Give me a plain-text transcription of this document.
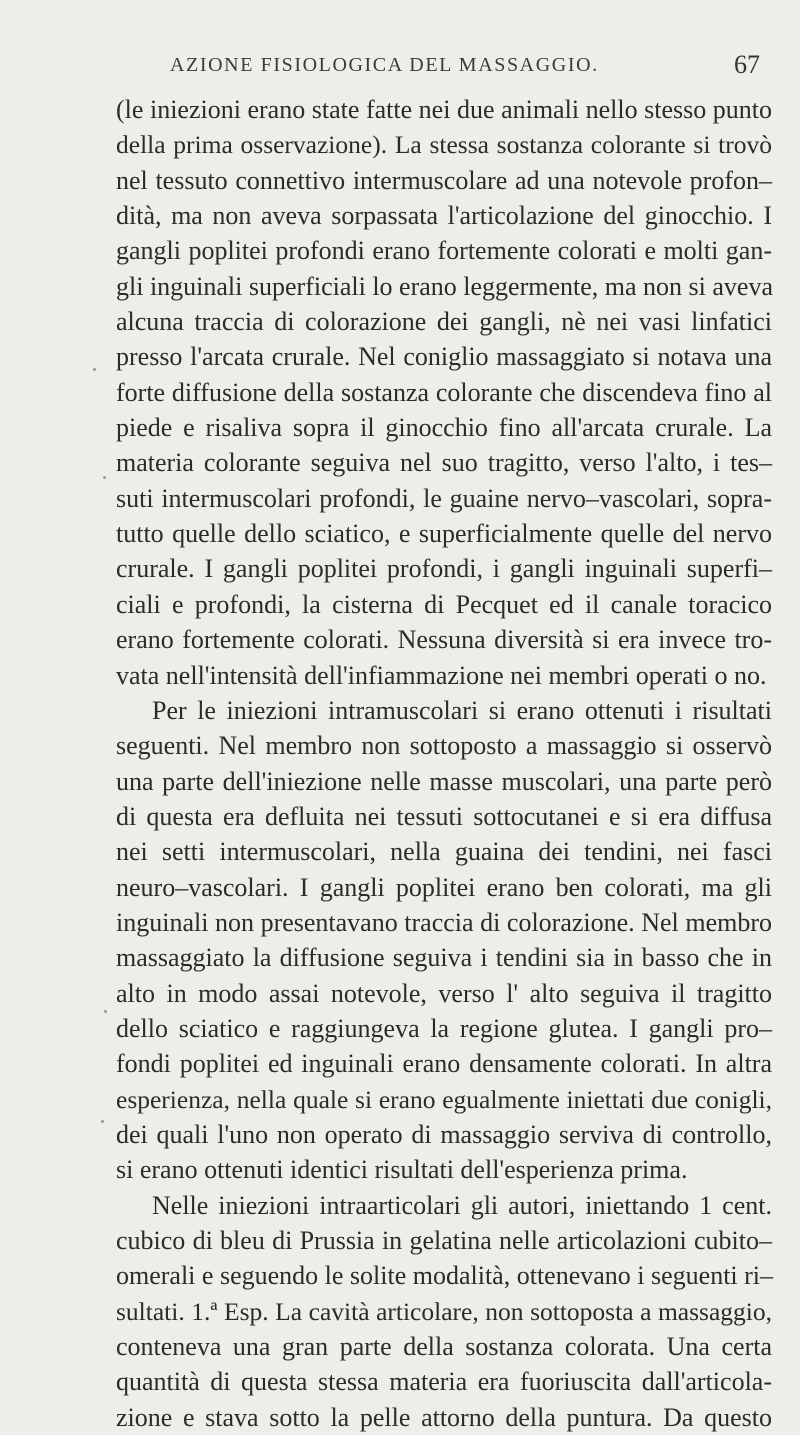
AZIONE FISIOLOGICA DEL MASSAGGIO.	67
(le iniezioni erano state fatte nei due animali nello stesso punto
della prima osservazione). La stessa sostanza colorante si trovò
nel tessuto connettivo intermuscolare ad una notevole profon–
dità, ma non aveva sorpassata l'articolazione del ginocchio. I
gangli poplitei profondi erano fortemente colorati e molti gan-
gli inguinali superficiali lo erano leggermente, ma non si aveva
alcuna traccia di colorazione dei gangli, nè nei vasi linfatici
presso l'arcata crurale. Nel coniglio massaggiato si notava una
forte diffusione della sostanza colorante che discendeva fino al
piede e risaliva sopra il ginocchio fino all'arcata crurale. La
materia colorante seguiva nel suo tragitto, verso l'alto, i tes–
suti intermuscolari profondi, le guaine nervo–vascolari, sopra-
tutto quelle dello sciatico, e superficialmente quelle del nervo
crurale. I gangli poplitei profondi, i gangli inguinali superfi–
ciali e profondi, la cisterna di Pecquet ed il canale toracico
erano fortemente colorati. Nessuna diversità si era invece tro-
vata nell'intensità dell'infiammazione nei membri operati o no.
Per le iniezioni intramuscolari si erano ottenuti i risultati
seguenti. Nel membro non sottoposto a massaggio si osservò
una parte dell'iniezione nelle masse muscolari, una parte però
di questa era defluita nei tessuti sottocutanei e si era diffusa
nei setti intermuscolari, nella guaina dei tendini, nei fasci
neuro–vascolari. I gangli poplitei erano ben colorati, ma gli
inguinali non presentavano traccia di colorazione. Nel membro
massaggiato la diffusione seguiva i tendini sia in basso che in
alto in modo assai notevole, verso l' alto seguiva il tragitto
dello sciatico e raggiungeva la regione glutea. I gangli pro–
fondi poplitei ed inguinali erano densamente colorati. In altra
esperienza, nella quale si erano egualmente iniettati due conigli,
dei quali l'uno non operato di massaggio serviva di controllo,
si erano ottenuti identici risultati dell'esperienza prima.
Nelle iniezioni intraarticolari gli autori, iniettando 1 cent.
cubico di bleu di Prussia in gelatina nelle articolazioni cubito–
omerali e seguendo le solite modalità, ottenevano i seguenti ri–
sultati. 1.ª Esp. La cavità articolare, non sottoposta a massaggio,
conteneva una gran parte della sostanza colorata. Una certa
quantità di questa stessa materia era fuoriuscita dall'articola-
zione e stava sotto la pelle attorno della puntura. Da questo
